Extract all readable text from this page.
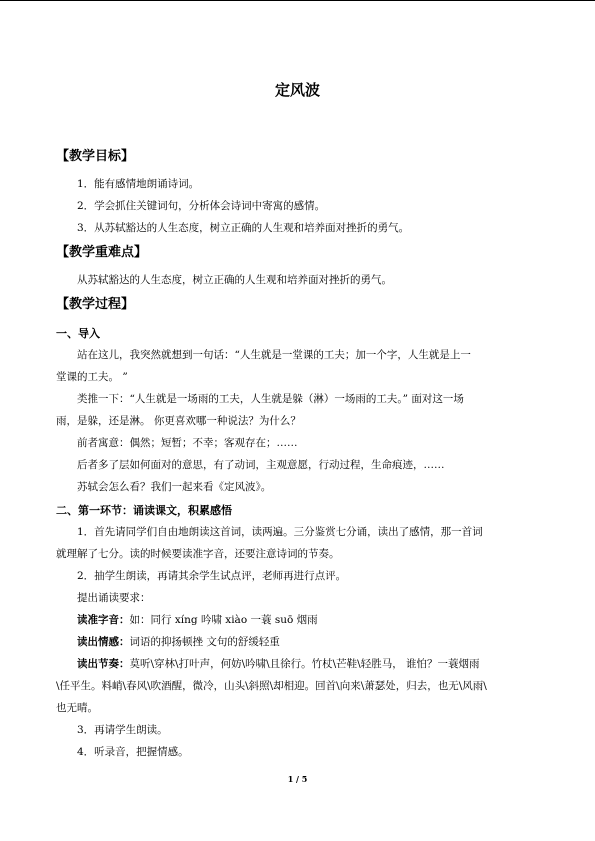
定风波
【教学目标】
1．能有感情地朗诵诗词。
2．学会抓住关键词句，分析体会诗词中寄寓的感情。
3．从苏轼豁达的人生态度，树立正确的人生观和培养面对挫折的勇气。
【教学重难点】
从苏轼豁达的人生态度，树立正确的人生观和培养面对挫折的勇气。
【教学过程】
一、导入
站在这儿，我突然就想到一句话：“人生就是一堂课的工夫；加一个字，人生就是上一
堂课的工夫。 ”
类推一下：“人生就是一场雨的工夫，人生就是躲（淋）一场雨的工夫。” 面对这一场
雨，是躲，还是淋。 你更喜欢哪一种说法？为什么？
前者寓意：偶然；短暂；不幸；客观存在；……
后者多了层如何面对的意思，有了动词，主观意愿，行动过程，生命痕迹，……
苏轼会怎么看？我们一起来看《定风波》。
二、第一环节：诵读课文，积累感悟
1．首先请同学们自由地朗读这首词，读两遍。三分鉴赏七分诵，读出了感情，那一首词
就理解了七分。读的时候要读准字音，还要注意诗词的节奏。
2．抽学生朗读，再请其余学生试点评，老师再进行点评。
提出诵读要求：
读准字音：如：同行 xíng 吟啸 xiào 一蓑 suō 烟雨
读出情感：词语的抑扬顿挫 文句的舒缓轻重
读出节奏：莫听\穿林\打叶声，何妨\吟啸\且徐行。竹杖\芒鞋\轻胜马， 谁怕？一蓑烟雨
\任平生。料峭\春风\吹酒醒，微冷，山头\斜照\却相迎。回首\向来\萧瑟处，归去，也无\风雨\
也无晴。
3．再请学生朗读。
4．听录音，把握情感。
1 / 5
